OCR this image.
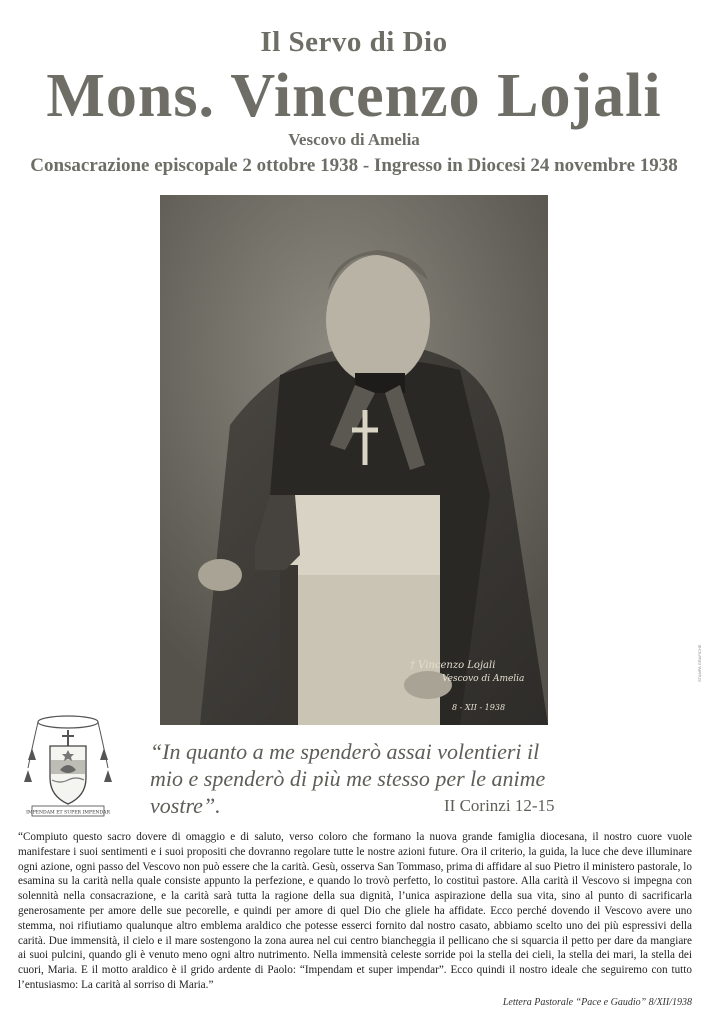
Il Servo di Dio
Mons. Vincenzo Lojali
Vescovo di Amelia
Consacrazione episcopale 2 ottobre 1938 - Ingresso in Diocesi 24 novembre 1938
† Vincenzo Lojali
Vescovo di Amelia
8 - XII - 1938
STAMPA GRAFICHE
IMPENDAM ET SUPER IMPENDAR
“In quanto a me spenderò assai volentieri il mio e spenderò di più me stesso per le anime vostre”.	II Corinzi 12-15
“Compiuto questo sacro dovere di omaggio e di saluto, verso coloro che formano la nuova grande famiglia diocesana, il nostro cuore vuole manifestare i suoi sentimenti e i suoi propositi che dovranno regolare tutte le nostre azioni future. Ora il criterio, la guida, la luce che deve illuminare ogni azione, ogni passo del Vescovo non può essere che la carità. Gesù, osserva San Tommaso, prima di affidare al suo Pietro il ministero pastorale, lo esamina su la carità nella quale consiste appunto la perfezione, e quando lo trovò perfetto, lo costituì pastore. Alla carità il Vescovo si impegna con solennità nella consacrazione, e la carità sarà tutta la ragione della sua dignità, l’unica aspirazione della sua vita, sino al punto di sacrificarla generosamente per amore delle sue pecorelle, e quindi per amore di quel Dio che gliele ha affidate. Ecco perché dovendo il Vescovo avere uno stemma, noi rifiutiamo qualunque altro emblema araldico che potesse esserci fornito dal nostro casato, abbiamo scelto uno dei più espressivi della carità. Due immensità, il cielo e il mare sostengono la zona aurea nel cui centro biancheggia il pellicano che si squarcia il petto per dare da mangiare ai suoi pulcini, quando gli è venuto meno ogni altro nutrimento. Nella immensità celeste sorride poi la stella dei cieli, la stella dei mari, la stella dei cuori, Maria. E il motto araldico è il grido ardente di Paolo: “Impendam et super impendar”. Ecco quindi il nostro ideale che seguiremo con tutto l’entusiasmo: La carità al sorriso di Maria.”
Lettera Pastorale “Pace e Gaudio” 8/XII/1938
